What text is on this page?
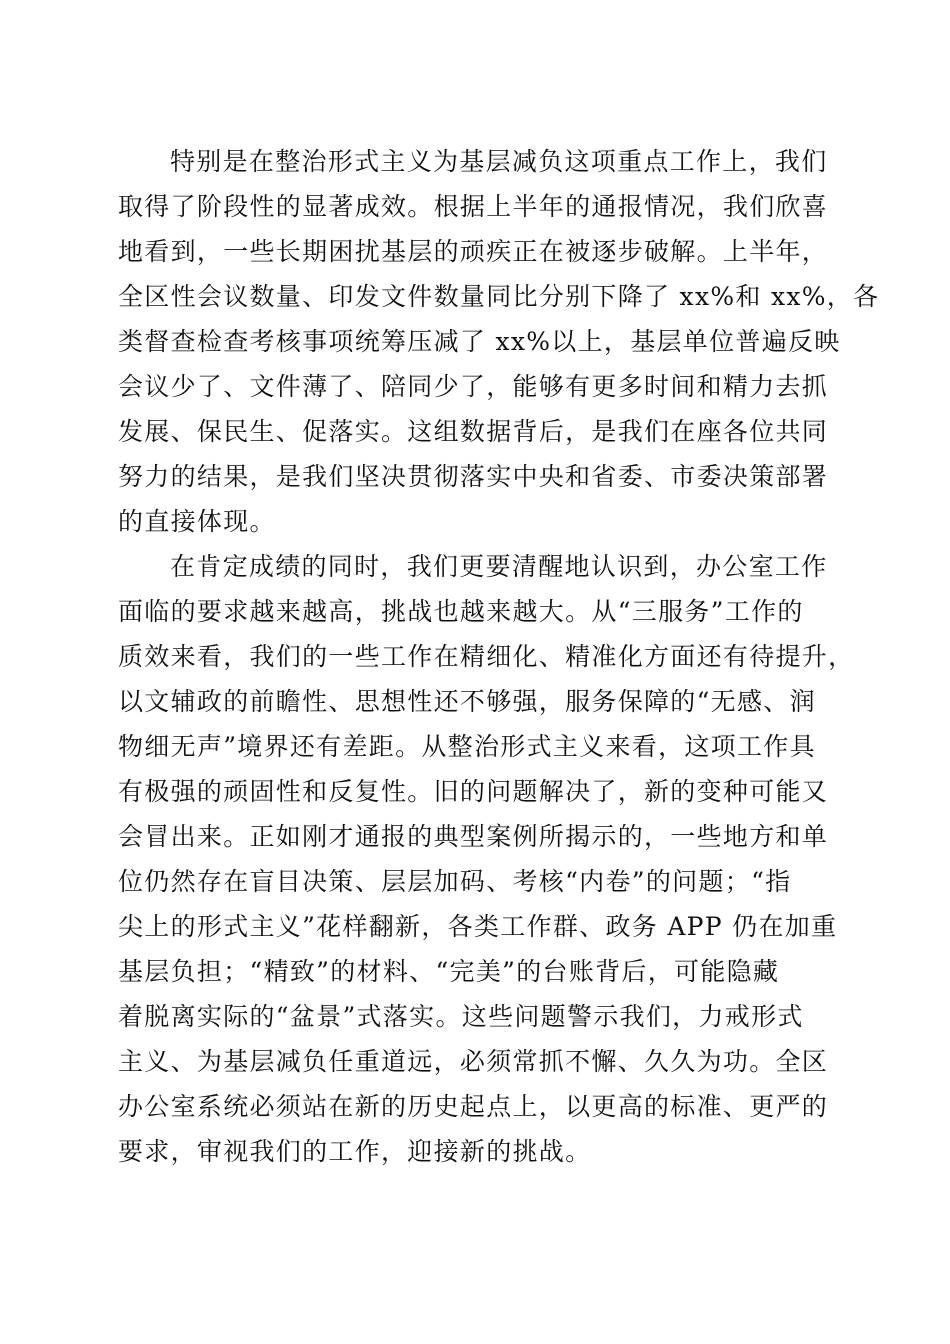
特别是在整治形式主义为基层减负这项重点工作上，我们
取得了阶段性的显著成效。根据上半年的通报情况，我们欣喜
地看到，一些长期困扰基层的顽疾正在被逐步破解。上半年，
全区性会议数量、印发文件数量同比分别下降了 xx%和 xx%，各
类督查检查考核事项统筹压减了 xx%以上，基层单位普遍反映
会议少了、文件薄了、陪同少了，能够有更多时间和精力去抓
发展、保民生、促落实。这组数据背后，是我们在座各位共同
努力的结果，是我们坚决贯彻落实中央和省委、市委决策部署
的直接体现。
在肯定成绩的同时，我们更要清醒地认识到，办公室工作
面临的要求越来越高，挑战也越来越大。从“三服务”工作的
质效来看，我们的一些工作在精细化、精准化方面还有待提升，
以文辅政的前瞻性、思想性还不够强，服务保障的“无感、润
物细无声”境界还有差距。从整治形式主义来看，这项工作具
有极强的顽固性和反复性。旧的问题解决了，新的变种可能又
会冒出来。正如刚才通报的典型案例所揭示的，一些地方和单
位仍然存在盲目决策、层层加码、考核“内卷”的问题；“指
尖上的形式主义”花样翻新，各类工作群、政务 APP 仍在加重
基层负担；“精致”的材料、“完美”的台账背后，可能隐藏
着脱离实际的“盆景”式落实。这些问题警示我们，力戒形式
主义、为基层减负任重道远，必须常抓不懈、久久为功。全区
办公室系统必须站在新的历史起点上，以更高的标准、更严的
要求，审视我们的工作，迎接新的挑战。
